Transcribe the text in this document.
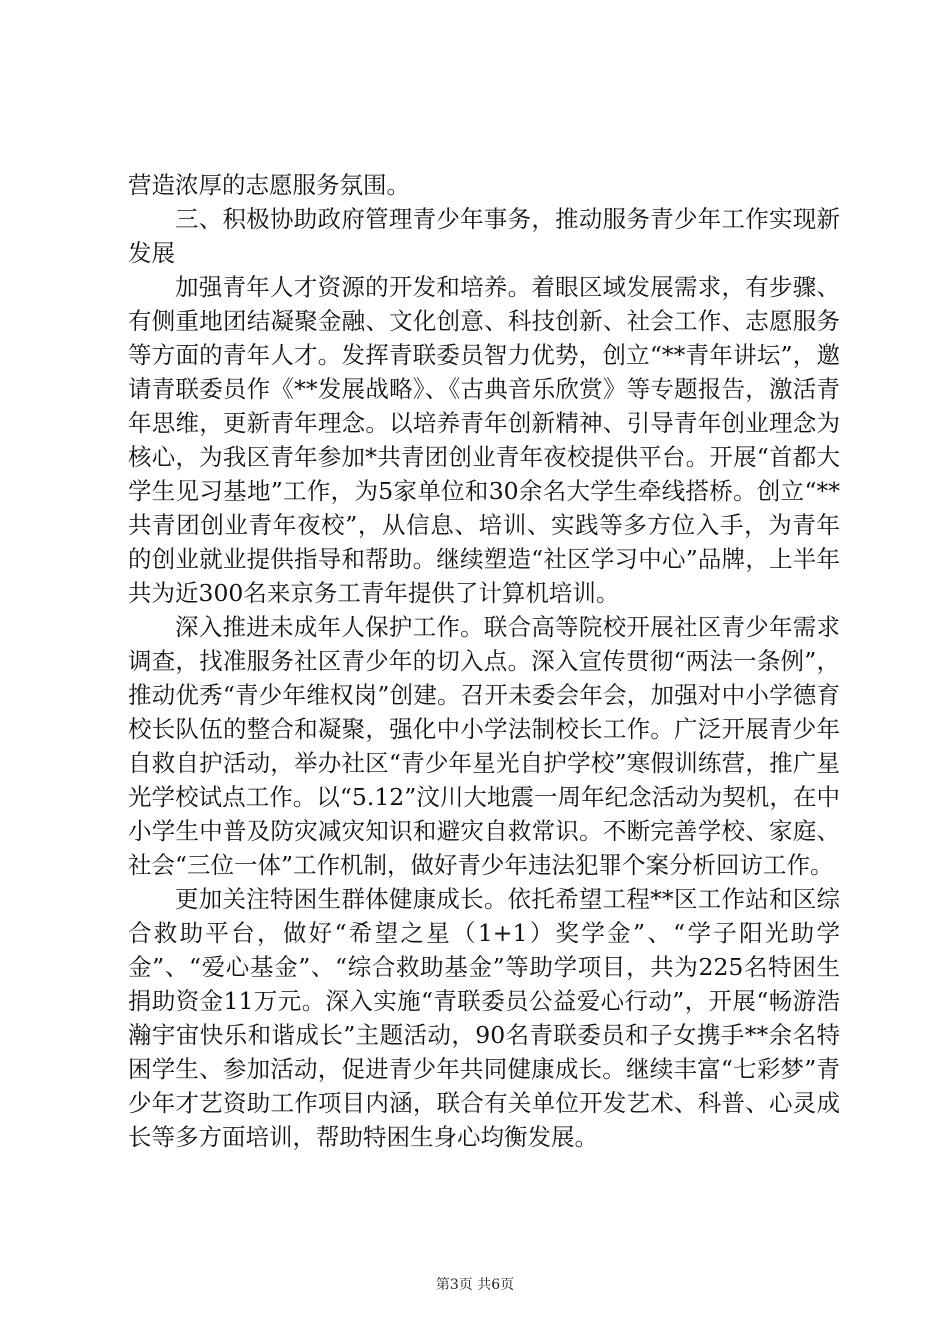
营造浓厚的志愿服务氛围。

三、积极协助政府管理青少年事务，推动服务青少年工作实现新发展

加强青年人才资源的开发和培养。着眼区域发展需求，有步骤、有侧重地团结凝聚金融、文化创意、科技创新、社会工作、志愿服务等方面的青年人才。发挥青联委员智力优势，创立“**青年讲坛”，邀请青联委员作《**发展战略》、《古典音乐欣赏》等专题报告，激活青年思维，更新青年理念。以培养青年创新精神、引导青年创业理念为核心，为我区青年参加*共青团创业青年夜校提供平台。开展“首都大学生见习基地”工作，为5家单位和30余名大学生牵线搭桥。创立“**共青团创业青年夜校”，从信息、培训、实践等多方位入手，为青年的创业就业提供指导和帮助。继续塑造“社区学习中心”品牌，上半年共为近300名来京务工青年提供了计算机培训。

深入推进未成年人保护工作。联合高等院校开展社区青少年需求调查，找准服务社区青少年的切入点。深入宣传贯彻“两法一条例”，推动优秀“青少年维权岗”创建。召开未委会年会，加强对中小学德育校长队伍的整合和凝聚，强化中小学法制校长工作。广泛开展青少年自救自护活动，举办社区“青少年星光自护学校”寒假训练营，推广星光学校试点工作。以“5.12”汶川大地震一周年纪念活动为契机，在中小学生中普及防灾减灾知识和避灾自救常识。不断完善学校、家庭、社会“三位一体”工作机制，做好青少年违法犯罪个案分析回访工作。

更加关注特困生群体健康成长。依托希望工程**区工作站和区综合救助平台，做好“希望之星（1+1）奖学金”、“学子阳光助学金”、“爱心基金”、“综合救助基金”等助学项目，共为225名特困生捐助资金11万元。深入实施“青联委员公益爱心行动”，开展“畅游浩瀚宇宙快乐和谐成长”主题活动，90名青联委员和子女携手**余名特困学生、参加活动，促进青少年共同健康成长。继续丰富“七彩梦”青少年才艺资助工作项目内涵，联合有关单位开发艺术、科普、心灵成长等多方面培训，帮助特困生身心均衡发展。

第3页 共6页
